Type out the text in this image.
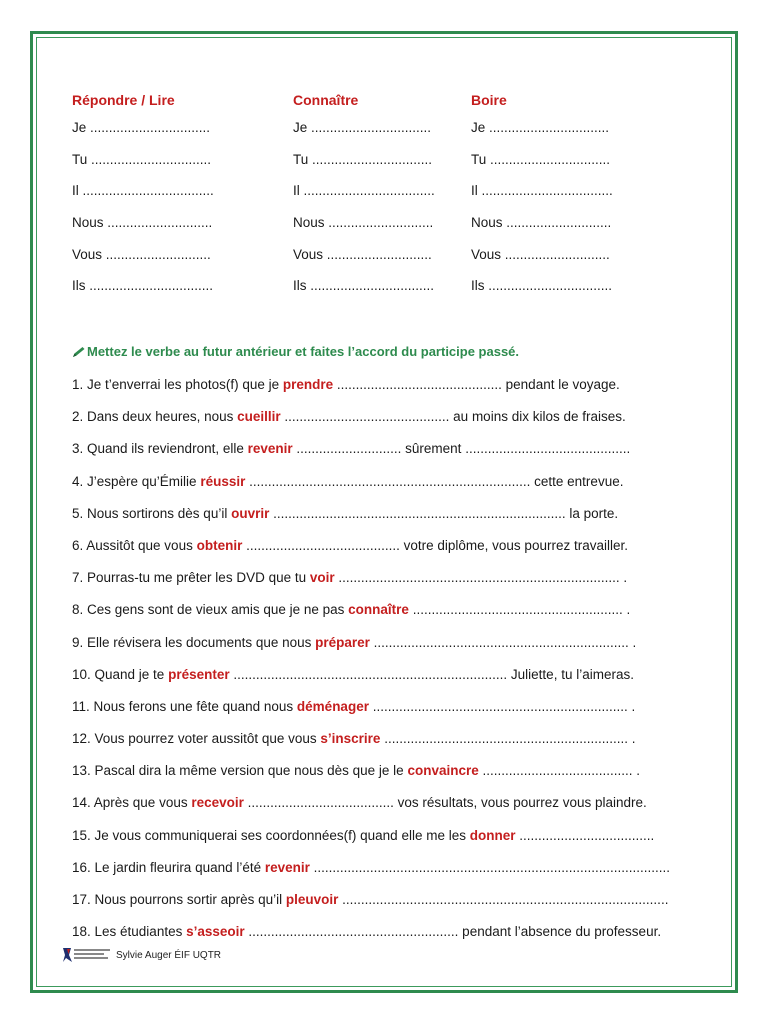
Répondre / Lire
Je ................................
Tu ................................
Il ...................................
Nous ............................
Vous ............................
Ils .................................
Connaître
Je ................................
Tu ................................
Il ...................................
Nous ............................
Vous ............................
Ils .................................
Boire
Je ................................
Tu ................................
Il ...................................
Nous ............................
Vous ............................
Ils .................................
Mettez le verbe au futur antérieur et faites l’accord du participe passé.
1. Je t’enverrai les photos(f) que je prendre ............................................ pendant le voyage.
2. Dans deux heures, nous cueillir ............................................ au moins dix kilos de fraises.
3. Quand ils reviendront, elle revenir ............................ sûrement ............................................
4. J’espère qu’Émilie réussir ........................................................................... cette entrevue.
5. Nous sortirons dès qu’il ouvrir .............................................................................. la porte.
6. Aussitôt que vous obtenir ......................................... votre diplôme, vous pourrez travailler.
7. Pourras-tu me prêter les DVD que tu voir ........................................................................... .
8. Ces gens sont de vieux amis que je ne pas connaître ........................................................ .
9. Elle révisera les documents que nous préparer .................................................................... .
10. Quand je te présenter ......................................................................... Juliette, tu l’aimeras.
11. Nous ferons une fête quand nous déménager .................................................................... .
12. Vous pourrez voter aussitôt que vous s’inscrire ................................................................. .
13. Pascal dira la même version que nous dès que je le convaincre ........................................ .
14. Après que vous recevoir ....................................... vos résultats, vous pourrez vous plaindre.
15. Je vous communiquerai ses coordonnées(f) quand elle me les donner ....................................
16. Le jardin fleurira quand l’été revenir ...............................................................................................
17. Nous pourrons sortir après qu’il pleuvoir .......................................................................................
18. Les étudiantes s’asseoir ........................................................ pendant l’absence du professeur.
Sylvie Auger ÉIF UQTR
